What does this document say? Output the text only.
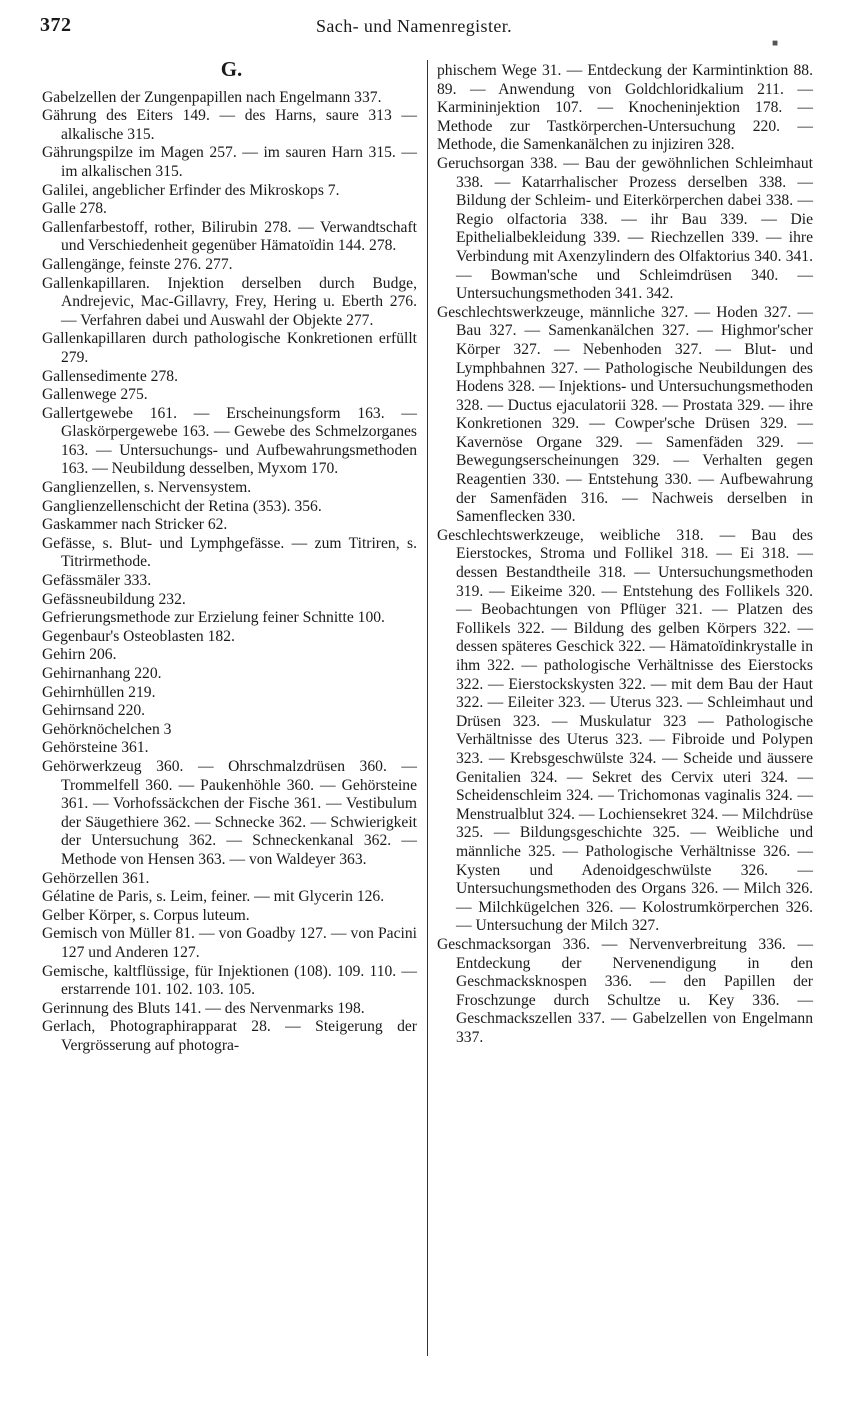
372	Sach- und Namenregister.
■
G.

Gabelzellen der Zungenpapillen nach Engelmann 337.

Gährung des Eiters 149. — des Harns, saure 313 — alkalische 315.

Gährungspilze im Magen 257. — im sauren Harn 315. — im alkalischen 315.

Galilei, angeblicher Erfinder des Mikroskops 7.

Galle 278.

Gallenfarbestoff, rother, Bilirubin 278. — Verwandtschaft und Verschiedenheit gegenüber Hämatoïdin 144. 278.

Gallengänge, feinste 276. 277.

Gallenkapillaren. Injektion derselben durch Budge, Andrejevic, Mac-Gillavry, Frey, Hering u. Eberth 276. — Verfahren dabei und Auswahl der Objekte 277.

Gallenkapillaren durch pathologische Konkretionen erfüllt 279.

Gallensedimente 278.

Gallenwege 275.

Gallertgewebe 161. — Erscheinungsform 163. — Glaskörpergewebe 163. — Gewebe des Schmelzorganes 163. — Untersuchungs- und Aufbewahrungsmethoden 163. — Neubildung desselben, Myxom 170.

Ganglienzellen, s. Nervensystem.

Ganglienzellenschicht der Retina (353). 356.

Gaskammer nach Stricker 62.

Gefässe, s. Blut- und Lymphgefässe. — zum Titriren, s. Titrirmethode.

Gefässmäler 333.

Gefässneubildung 232.

Gefrierungsmethode zur Erzielung feiner Schnitte 100.

Gegenbaur's Osteoblasten 182.

Gehirn 206.

Gehirnanhang 220.

Gehirnhüllen 219.

Gehirnsand 220.

Gehörknöchelchen 3

Gehörsteine 361.

Gehörwerkzeug 360. — Ohrschmalzdrüsen 360. — Trommelfell 360. — Paukenhöhle 360. — Gehörsteine 361. — Vorhofssäckchen der Fische 361. — Vestibulum der Säugethiere 362. — Schnecke 362. — Schwierigkeit der Untersuchung 362. — Schneckenkanal 362. — Methode von Hensen 363. — von Waldeyer 363.

Gehörzellen 361.

Gélatine de Paris, s. Leim, feiner. — mit Glycerin 126.

Gelber Körper, s. Corpus luteum.

Gemisch von Müller 81. — von Goadby 127. — von Pacini 127 und Anderen 127.

Gemische, kaltflüssige, für Injektionen (108). 109. 110. — erstarrende 101. 102. 103. 105.

Gerinnung des Bluts 141. — des Nervenmarks 198.

Gerlach, Photographirapparat 28. — Steigerung der Vergrösserung auf photogra-

phischem Wege 31. — Entdeckung der Karmintinktion 88. 89. — Anwendung von Goldchloridkalium 211. — Karmininjektion 107. — Knocheninjektion 178. — Methode zur Tastkörperchen-Untersuchung 220. — Methode, die Samenkanälchen zu injiziren 328.

Geruchsorgan 338. — Bau der gewöhnlichen Schleimhaut 338. — Katarrhalischer Prozess derselben 338. — Bildung der Schleim- und Eiterkörperchen dabei 338. — Regio olfactoria 338. — ihr Bau 339. — Die Epithelialbekleidung 339. — Riechzellen 339. — ihre Verbindung mit Axenzylindern des Olfaktorius 340. 341. — Bowman'sche und Schleimdrüsen 340. — Untersuchungsmethoden 341. 342.

Geschlechtswerkzeuge, männliche 327. — Hoden 327. — Bau 327. — Samenkanälchen 327. — Highmor'scher Körper 327. — Nebenhoden 327. — Blut- und Lymphbahnen 327. — Pathologische Neubildungen des Hodens 328. — Injektions- und Untersuchungsmethoden 328. — Ductus ejaculatorii 328. — Prostata 329. — ihre Konkretionen 329. — Cowper'sche Drüsen 329. — Kavernöse Organe 329. — Samenfäden 329. — Bewegungserscheinungen 329. — Verhalten gegen Reagentien 330. — Entstehung 330. — Aufbewahrung der Samenfäden 316. — Nachweis derselben in Samenflecken 330.

Geschlechtswerkzeuge, weibliche 318. — Bau des Eierstockes, Stroma und Follikel 318. — Ei 318. — dessen Bestandtheile 318. — Untersuchungsmethoden 319. — Eikeime 320. — Entstehung des Follikels 320. — Beobachtungen von Pflüger 321. — Platzen des Follikels 322. — Bildung des gelben Körpers 322. — dessen späteres Geschick 322. — Hämatoïdinkrystalle in ihm 322. — pathologische Verhältnisse des Eierstocks 322. — Eierstockskysten 322. — mit dem Bau der Haut 322. — Eileiter 323. — Uterus 323. — Schleimhaut und Drüsen 323. — Muskulatur 323 — Pathologische Verhältnisse des Uterus 323. — Fibroide und Polypen 323. — Krebsgeschwülste 324. — Scheide und äussere Genitalien 324. — Sekret des Cervix uteri 324. — Scheidenschleim 324. — Trichomonas vaginalis 324. — Menstrualblut 324. — Lochiensekret 324. — Milchdrüse 325. — Bildungsgeschichte 325. — Weibliche und männliche 325. — Pathologische Verhältnisse 326. — Kysten und Adenoidgeschwülste 326. — Untersuchungsmethoden des Organs 326. — Milch 326. — Milchkügelchen 326. — Kolostrumkörperchen 326. — Untersuchung der Milch 327.

Geschmacksorgan 336. — Nervenverbreitung 336. — Entdeckung der Nervenendigung in den Geschmacksknospen 336. — den Papillen der Froschzunge durch Schultze u. Key 336. — Geschmackszellen 337. — Gabelzellen von Engelmann 337.
